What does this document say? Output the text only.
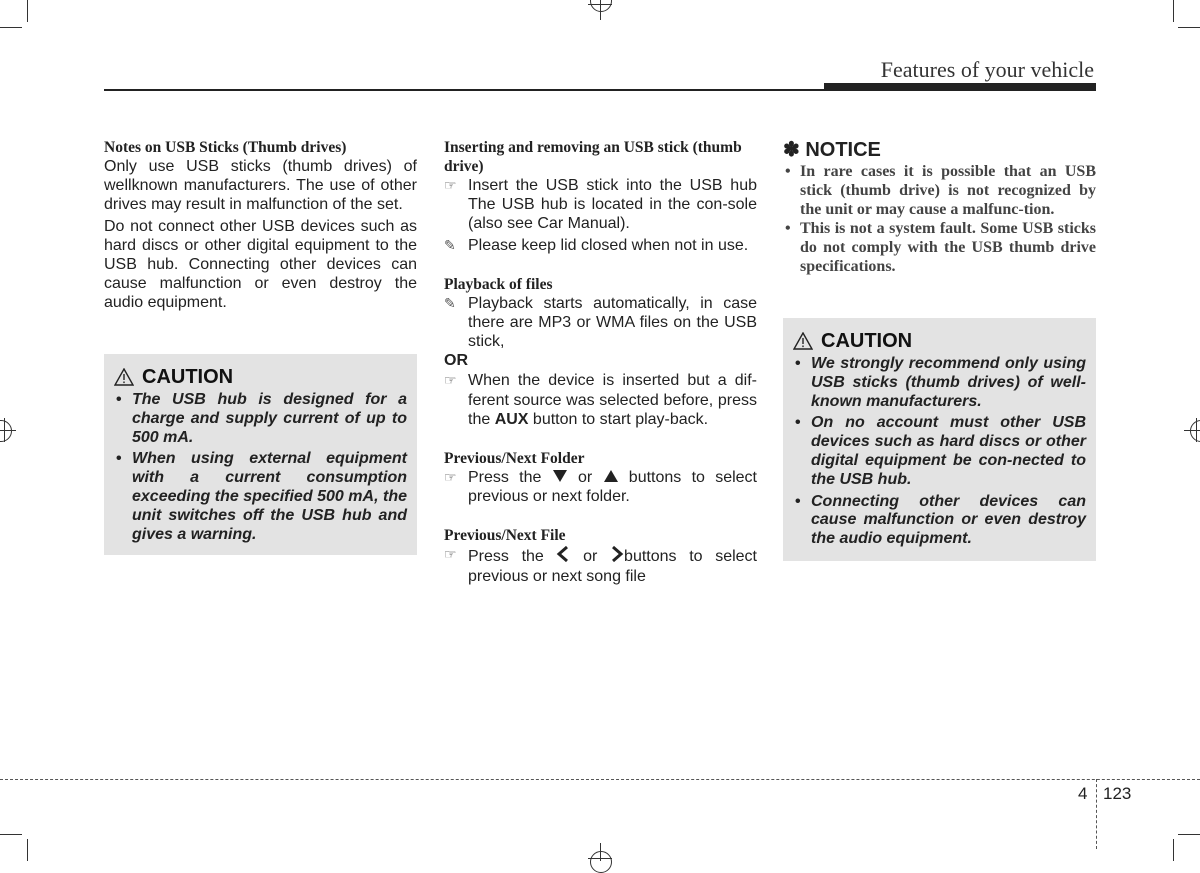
Features of your vehicle
Notes on USB Sticks (Thumb drives)

Only use USB sticks (thumb drives) of wellknown manufacturers. The use of other drives may result in malfunction of the set.

Do not connect other USB devices such as hard discs or other digital equipment to the USB hub. Connecting other devices can cause malfunction or even destroy the audio equipment.

CAUTION
• The USB hub is designed for a charge and supply current of up to 500 mA.
• When using external equipment with a current consumption exceeding the specified 500 mA, the unit switches off the USB hub and gives a warning.
Inserting and removing an USB stick (thumb drive)
☞ Insert the USB stick into the USB hub The USB hub is located in the con-sole (also see Car Manual).
✎ Please keep lid closed when not in use.
Playback of files
✎ Playback starts automatically, in case there are MP3 or WMA files on the USB stick,
OR
☞ When the device is inserted but a dif-ferent source was selected before, press the AUX button to start play-back.
Previous/Next Folder
☞ Press the  or  buttons to select previous or next folder.
Previous/Next File
☞ Press the  or buttons to select previous or next song file
✽ NOTICE
• In rare cases it is possible that an USB stick (thumb drive) is not recognized by the unit or may cause a malfunc-tion.
• This is not a system fault. Some USB sticks do not comply with the USB thumb drive specifications.
CAUTION
• We strongly recommend only using USB sticks (thumb drives) of well-known manufacturers.
• On no account must other USB devices such as hard discs or other digital equipment be con-nected to the USB hub.
• Connecting other devices can cause malfunction or even destroy the audio equipment.
4 123
